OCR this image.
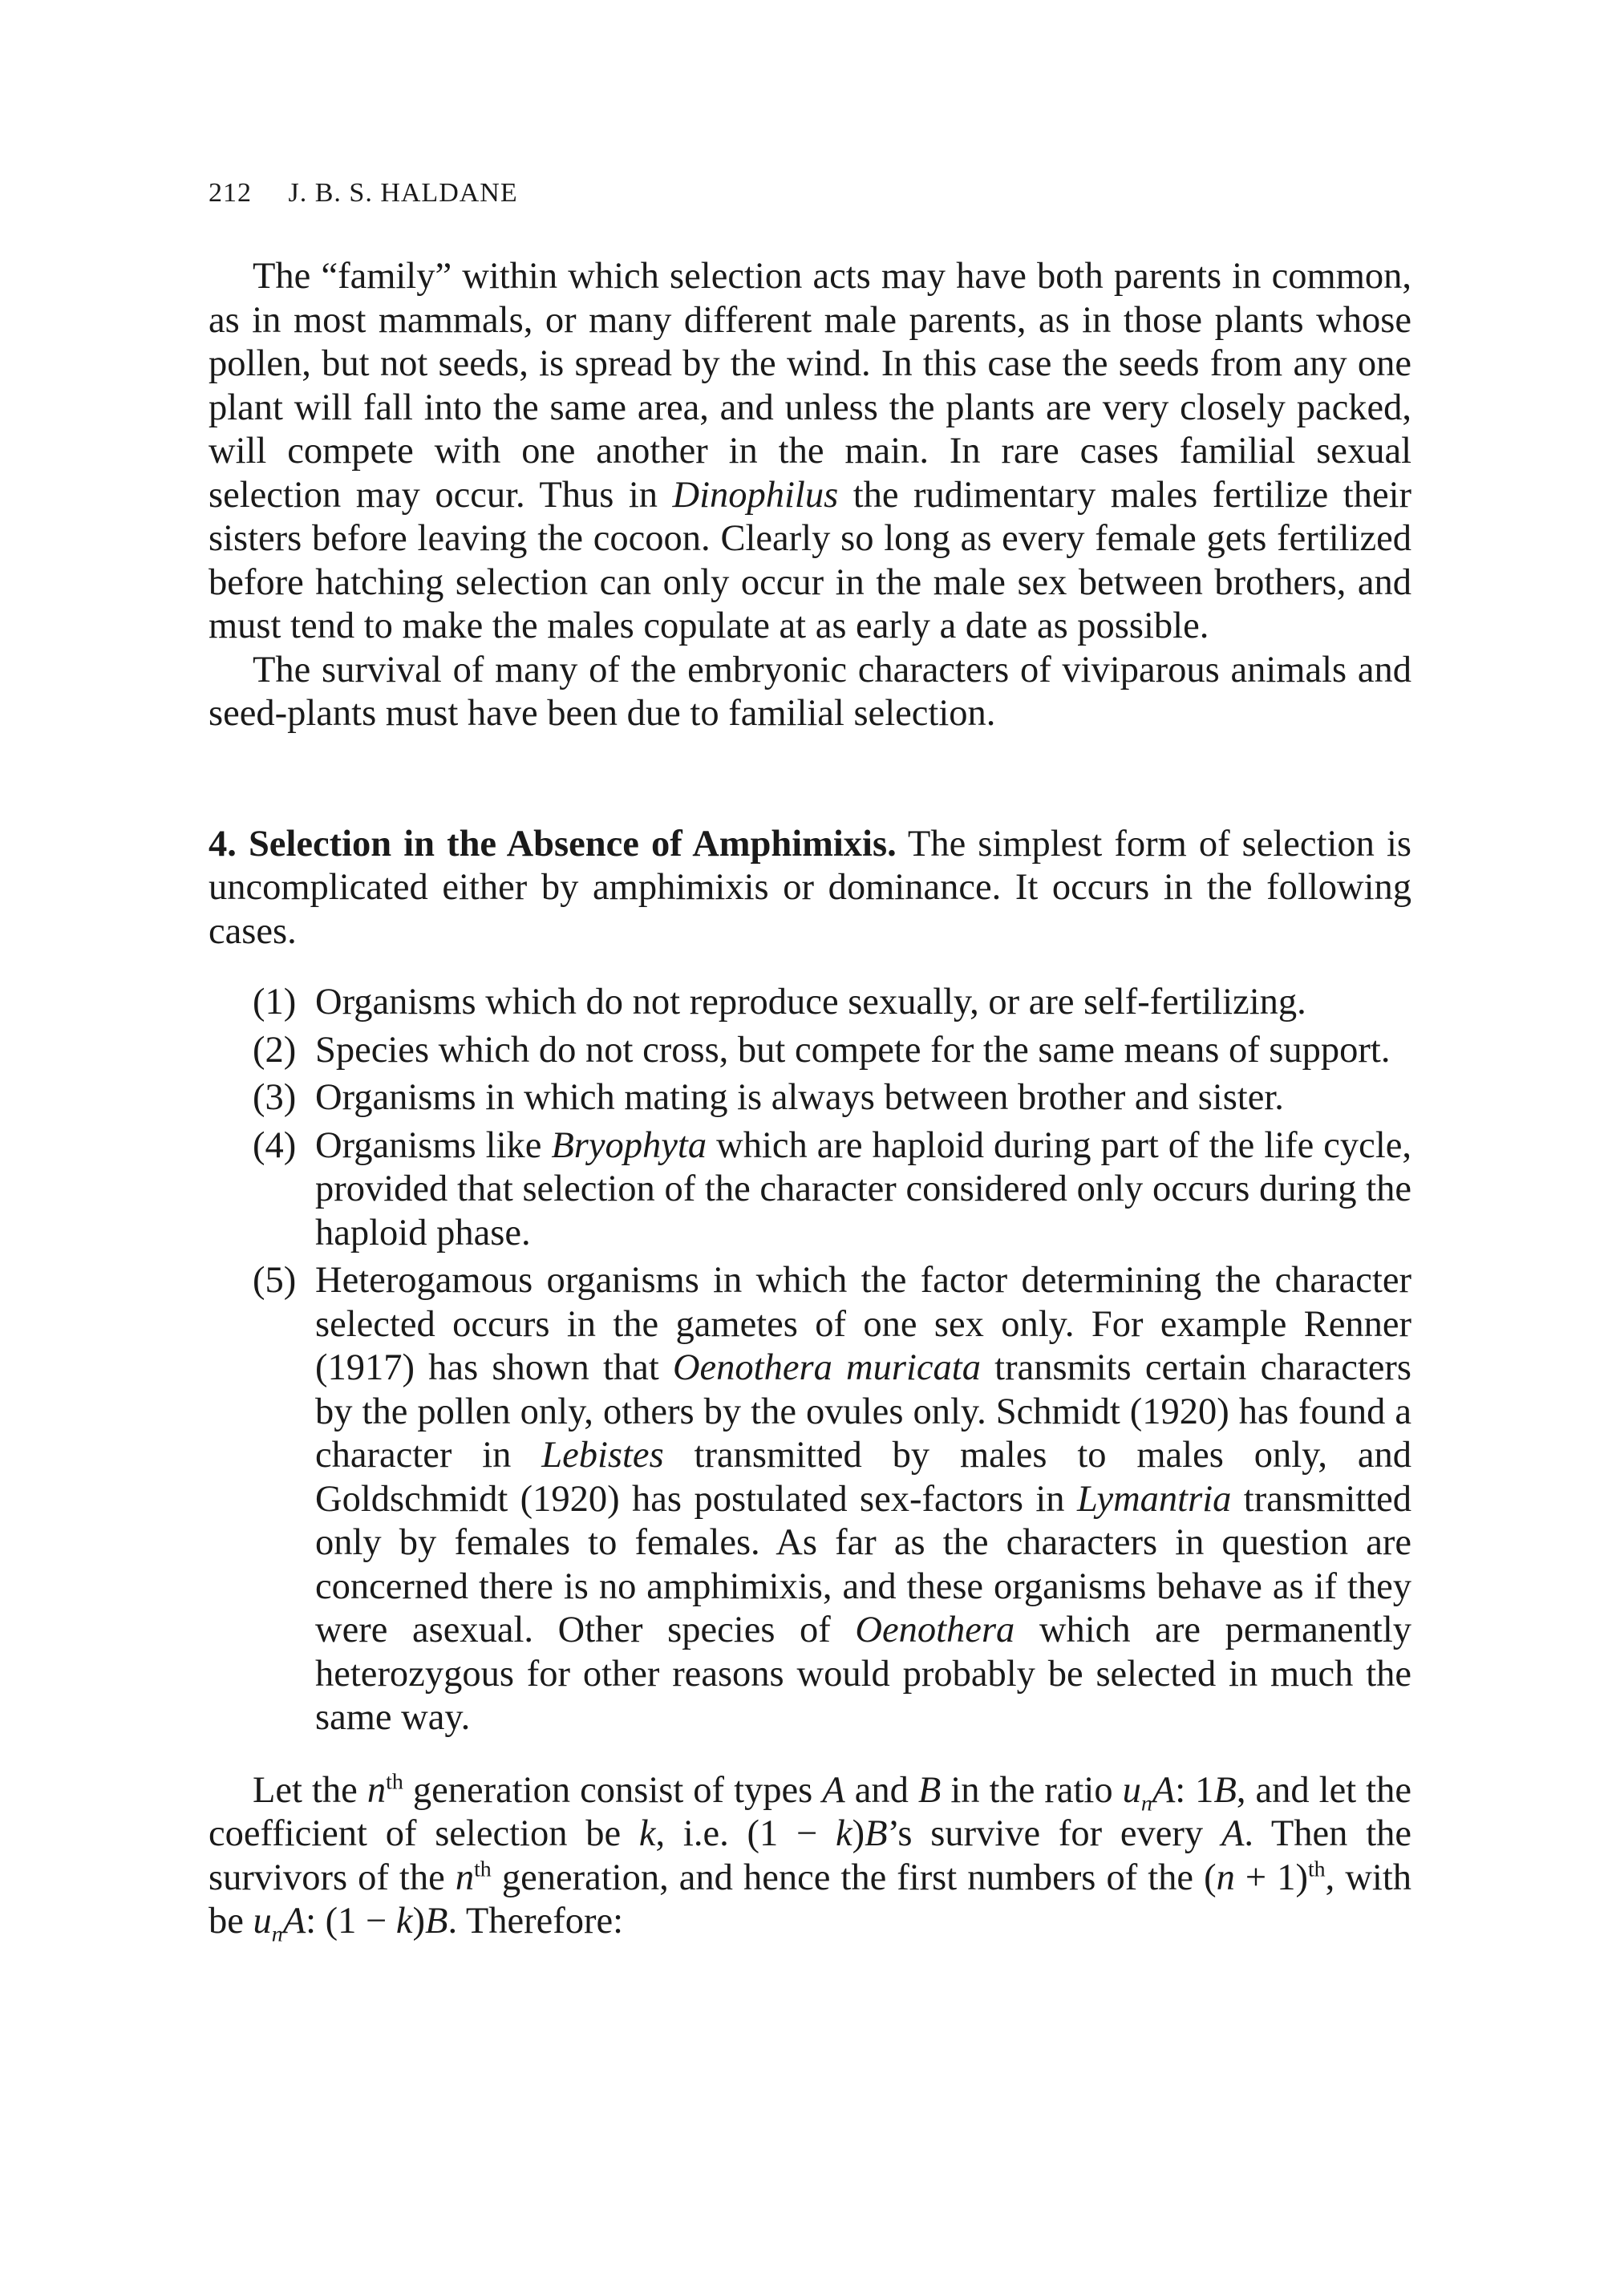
212 J. B. S. HALDANE

The “family” within which selection acts may have both parents in common, as in most mammals, or many different male parents, as in those plants whose pollen, but not seeds, is spread by the wind. In this case the seeds from any one plant will fall into the same area, and unless the plants are very closely packed, will compete with one another in the main. In rare cases familial sexual selection may occur. Thus in Dinophilus the rudimentary males fertilize their sisters before leaving the cocoon. Clearly so long as every female gets fertilized before hatching selection can only occur in the male sex between brothers, and must tend to make the males copulate at as early a date as possible.

The survival of many of the embryonic characters of viviparous animals and seed-plants must have been due to familial selection.

4. Selection in the Absence of Amphimixis. The simplest form of selection is uncomplicated either by amphimixis or dominance. It occurs in the following cases.

(1) Organisms which do not reproduce sexually, or are self-fertilizing.
(2) Species which do not cross, but compete for the same means of support.
(3) Organisms in which mating is always between brother and sister.
(4) Organisms like Bryophyta which are haploid during part of the life cycle, provided that selection of the character considered only occurs during the haploid phase.
(5) Heterogamous organisms in which the factor determining the character selected occurs in the gametes of one sex only. For example Renner (1917) has shown that Oenothera muricata transmits certain characters by the pollen only, others by the ovules only. Schmidt (1920) has found a character in Lebistes transmitted by males to males only, and Goldschmidt (1920) has postulated sex-factors in Lymantria transmitted only by females to females. As far as the characters in question are concerned there is no amphimixis, and these organisms behave as if they were asexual. Other species of Oenothera which are permanently heterozygous for other reasons would probably be selected in much the same way.

Let the $n^{th}$ generation consist of types A and B in the ratio $u_nA$: 1B, and let the coefficient of selection be k, i.e. (1 − k)B’s survive for every A. Then the survivors of the $n^{th}$ generation, and hence the first numbers of the $(n + 1)^{th}$, with be $u_nA$: (1 − k)B. Therefore:
